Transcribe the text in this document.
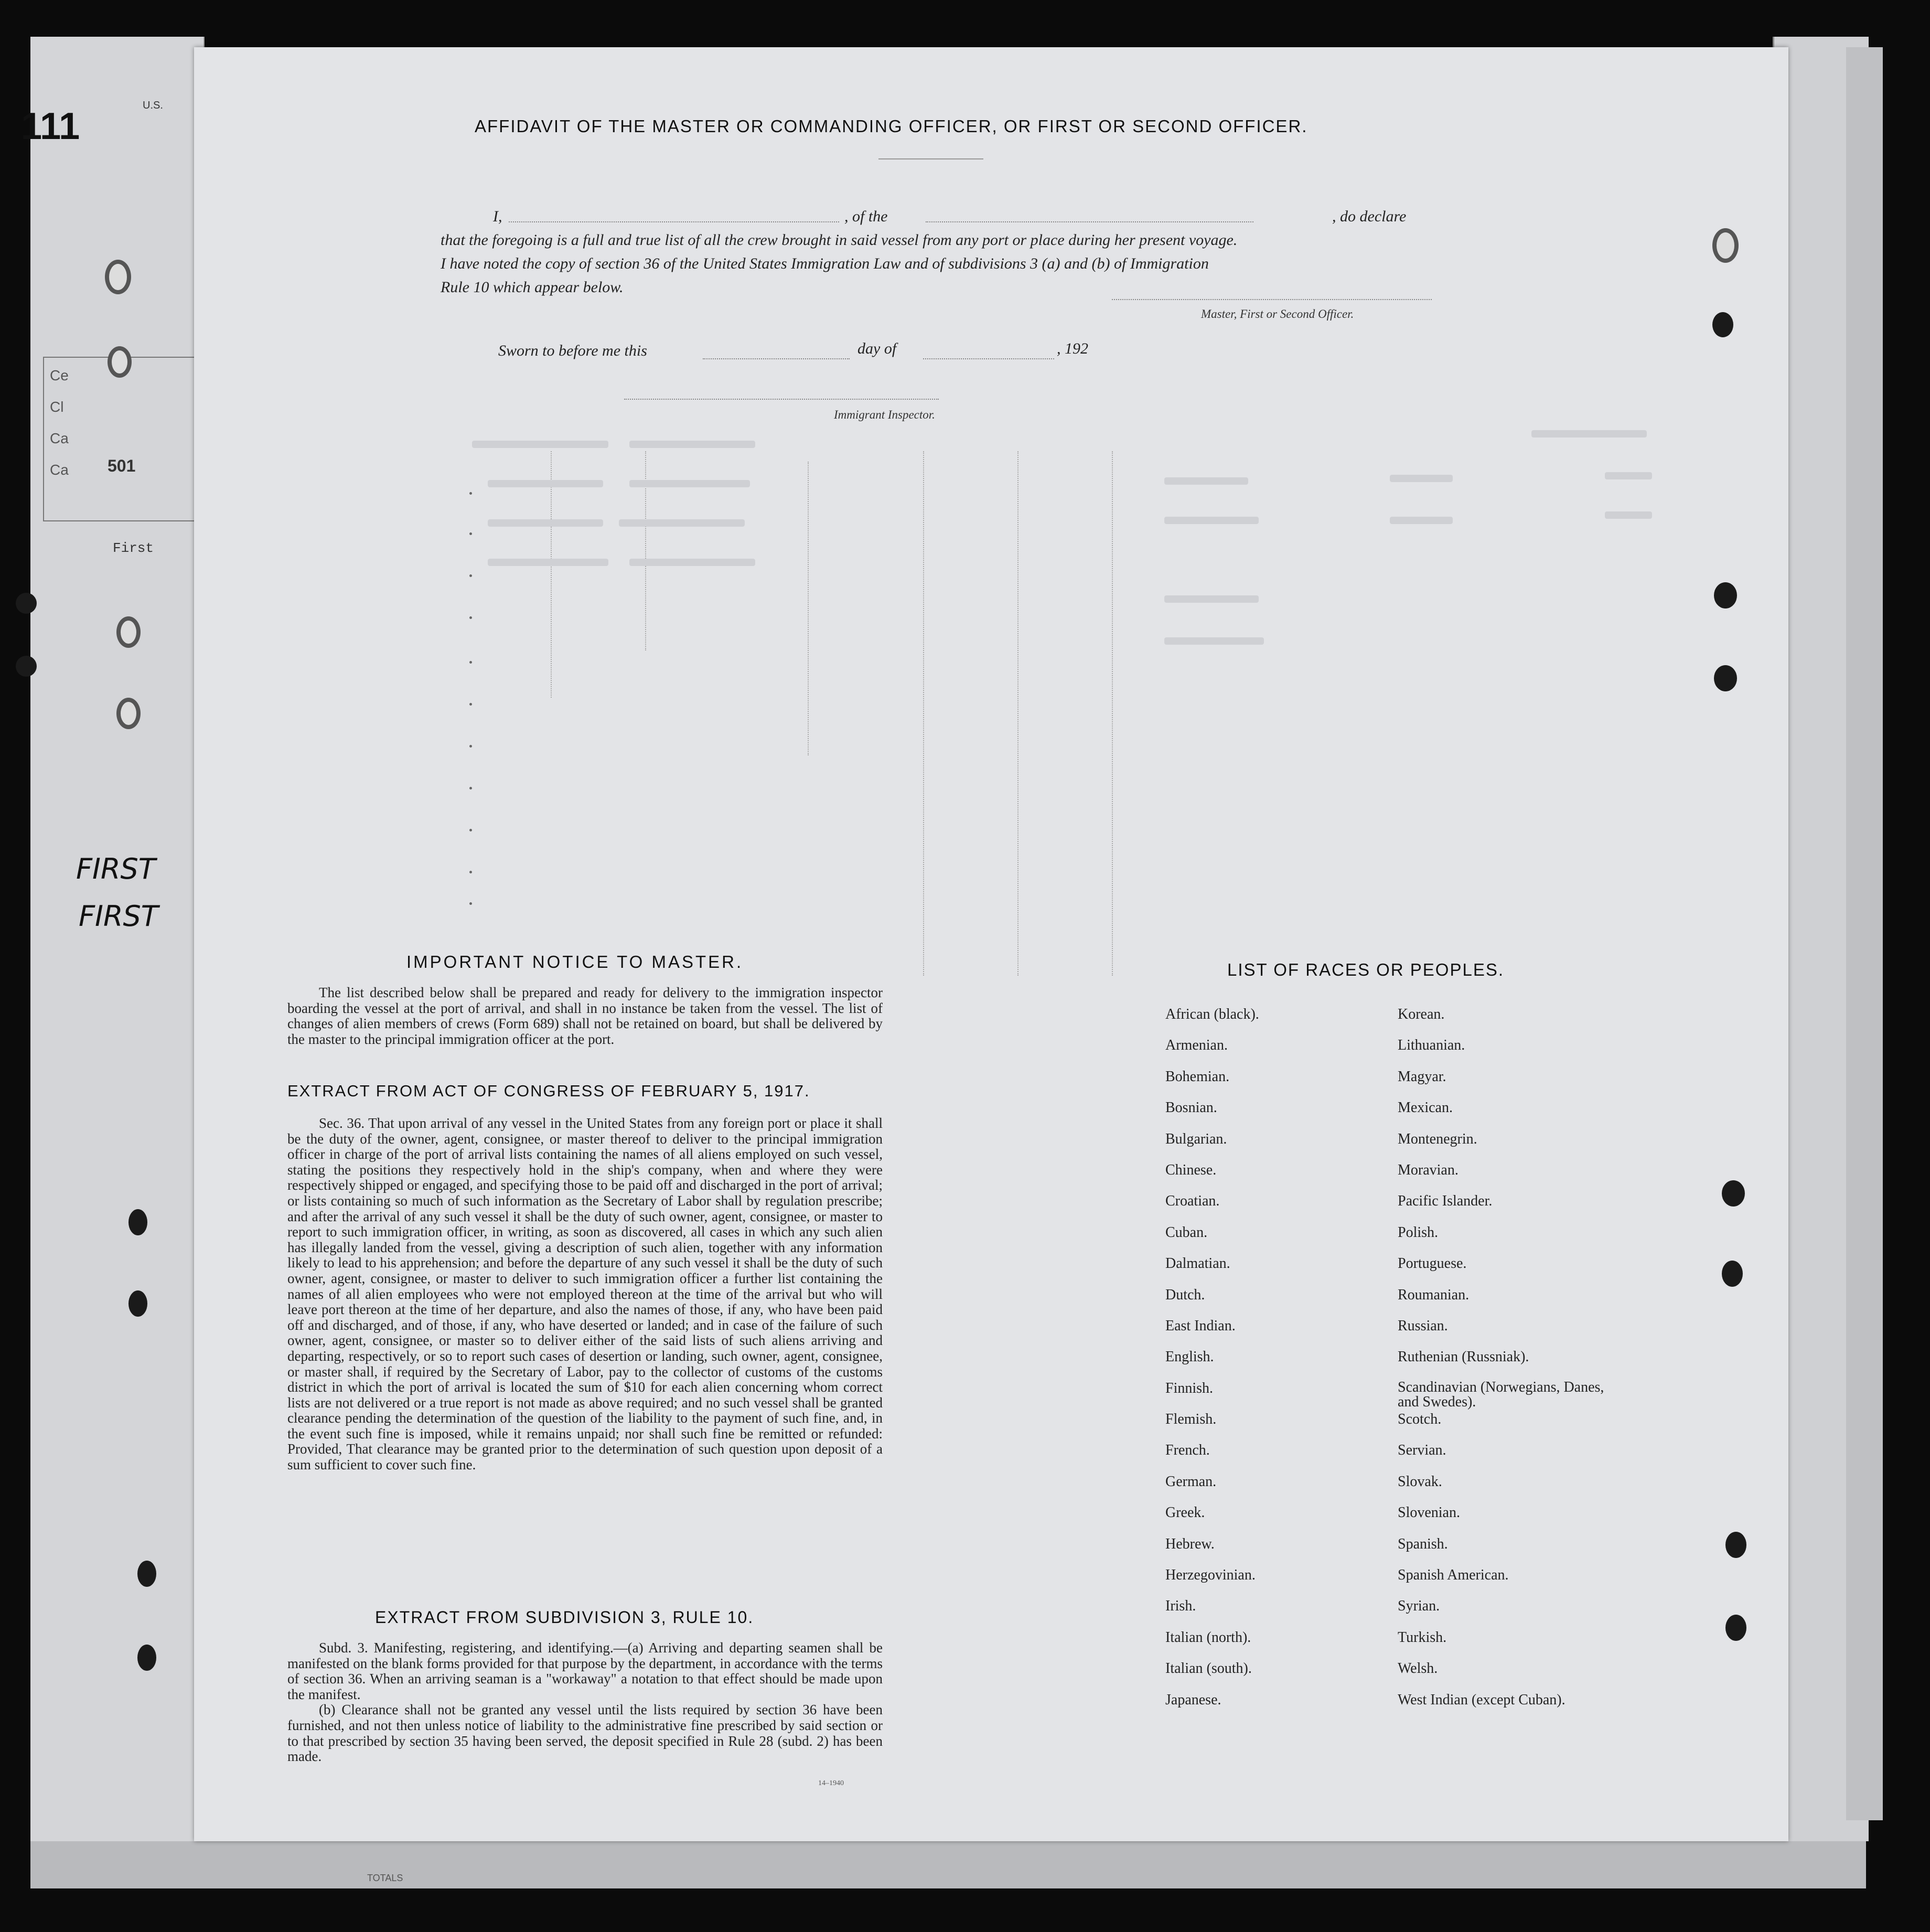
TOTALS
111	U.S.
Ce
Cl
Ca
Ca 501
First
FIRST
FIRST
AFFIDAVIT OF THE MASTER OR COMMANDING OFFICER, OR FIRST OR SECOND OFFICER.
I,	, of the	, do declare
that the foregoing is a full and true list of all the crew brought in said vessel from any port or place during her present voyage.
I have noted the copy of section 36 of the United States Immigration Law and of subdivisions 3 (a) and (b) of Immigration
Rule 10 which appear below.
Master, First or Second Officer.
Sworn to before me this	day of	, 192
Immigrant Inspector.
IMPORTANT NOTICE TO MASTER.

The list described below shall be prepared and ready for delivery to the immigration inspector boarding the vessel at the port of arrival, and shall in no instance be taken from the vessel. The list of changes of alien members of crews (Form 689) shall not be retained on board, but shall be delivered by the master to the principal immigration officer at the port.

EXTRACT FROM ACT OF CONGRESS OF FEBRUARY 5, 1917.

Sec. 36. That upon arrival of any vessel in the United States from any foreign port or place it shall be the duty of the owner, agent, consignee, or master thereof to deliver to the principal immigration officer in charge of the port of arrival lists containing the names of all aliens employed on such vessel, stating the positions they respectively hold in the ship's company, when and where they were respectively shipped or engaged, and specifying those to be paid off and discharged in the port of arrival; or lists containing so much of such information as the Secretary of Labor shall by regulation prescribe; and after the arrival of any such vessel it shall be the duty of such owner, agent, consignee, or master to report to such immigration officer, in writing, as soon as discovered, all cases in which any such alien has illegally landed from the vessel, giving a description of such alien, together with any information likely to lead to his apprehension; and before the departure of any such vessel it shall be the duty of such owner, agent, consignee, or master to deliver to such immigration officer a further list containing the names of all alien employees who were not employed thereon at the time of the arrival but who will leave port thereon at the time of her departure, and also the names of those, if any, who have been paid off and discharged, and of those, if any, who have deserted or landed; and in case of the failure of such owner, agent, consignee, or master so to deliver either of the said lists of such aliens arriving and departing, respectively, or so to report such cases of desertion or landing, such owner, agent, consignee, or master shall, if required by the Secretary of Labor, pay to the collector of customs of the customs district in which the port of arrival is located the sum of $10 for each alien concerning whom correct lists are not delivered or a true report is not made as above required; and no such vessel shall be granted clearance pending the determination of the question of the liability to the payment of such fine, and, in the event such fine is imposed, while it remains unpaid; nor shall such fine be remitted or refunded: Provided, That clearance may be granted prior to the determination of such question upon deposit of a sum sufficient to cover such fine.

EXTRACT FROM SUBDIVISION 3, RULE 10.

Subd. 3. Manifesting, registering, and identifying.—(a) Arriving and departing seamen shall be manifested on the blank forms provided for that purpose by the department, in accordance with the terms of section 36. When an arriving seaman is a "workaway" a notation to that effect should be made upon the manifest.

(b) Clearance shall not be granted any vessel until the lists required by section 36 have been furnished, and not then unless notice of liability to the administrative fine prescribed by said section or to that prescribed by section 35 having been served, the deposit specified in Rule 28 (subd. 2) has been made.

14–1940
LIST OF RACES OR PEOPLES.
African (black).
Armenian.
Bohemian.
Bosnian.
Bulgarian.
Chinese.
Croatian.
Cuban.
Dalmatian.
Dutch.
East Indian.
English.
Finnish.
Flemish.
French.
German.
Greek.
Hebrew.
Herzegovinian.
Irish.
Italian (north).
Italian (south).
Japanese.
Korean.
Lithuanian.
Magyar.
Mexican.
Montenegrin.
Moravian.
Pacific Islander.
Polish.
Portuguese.
Roumanian.
Russian.
Ruthenian (Russniak).
Scandinavian (Norwegians, Danes, and Swedes).
Scotch.
Servian.
Slovak.
Slovenian.
Spanish.
Spanish American.
Syrian.
Turkish.
Welsh.
West Indian (except Cuban).
